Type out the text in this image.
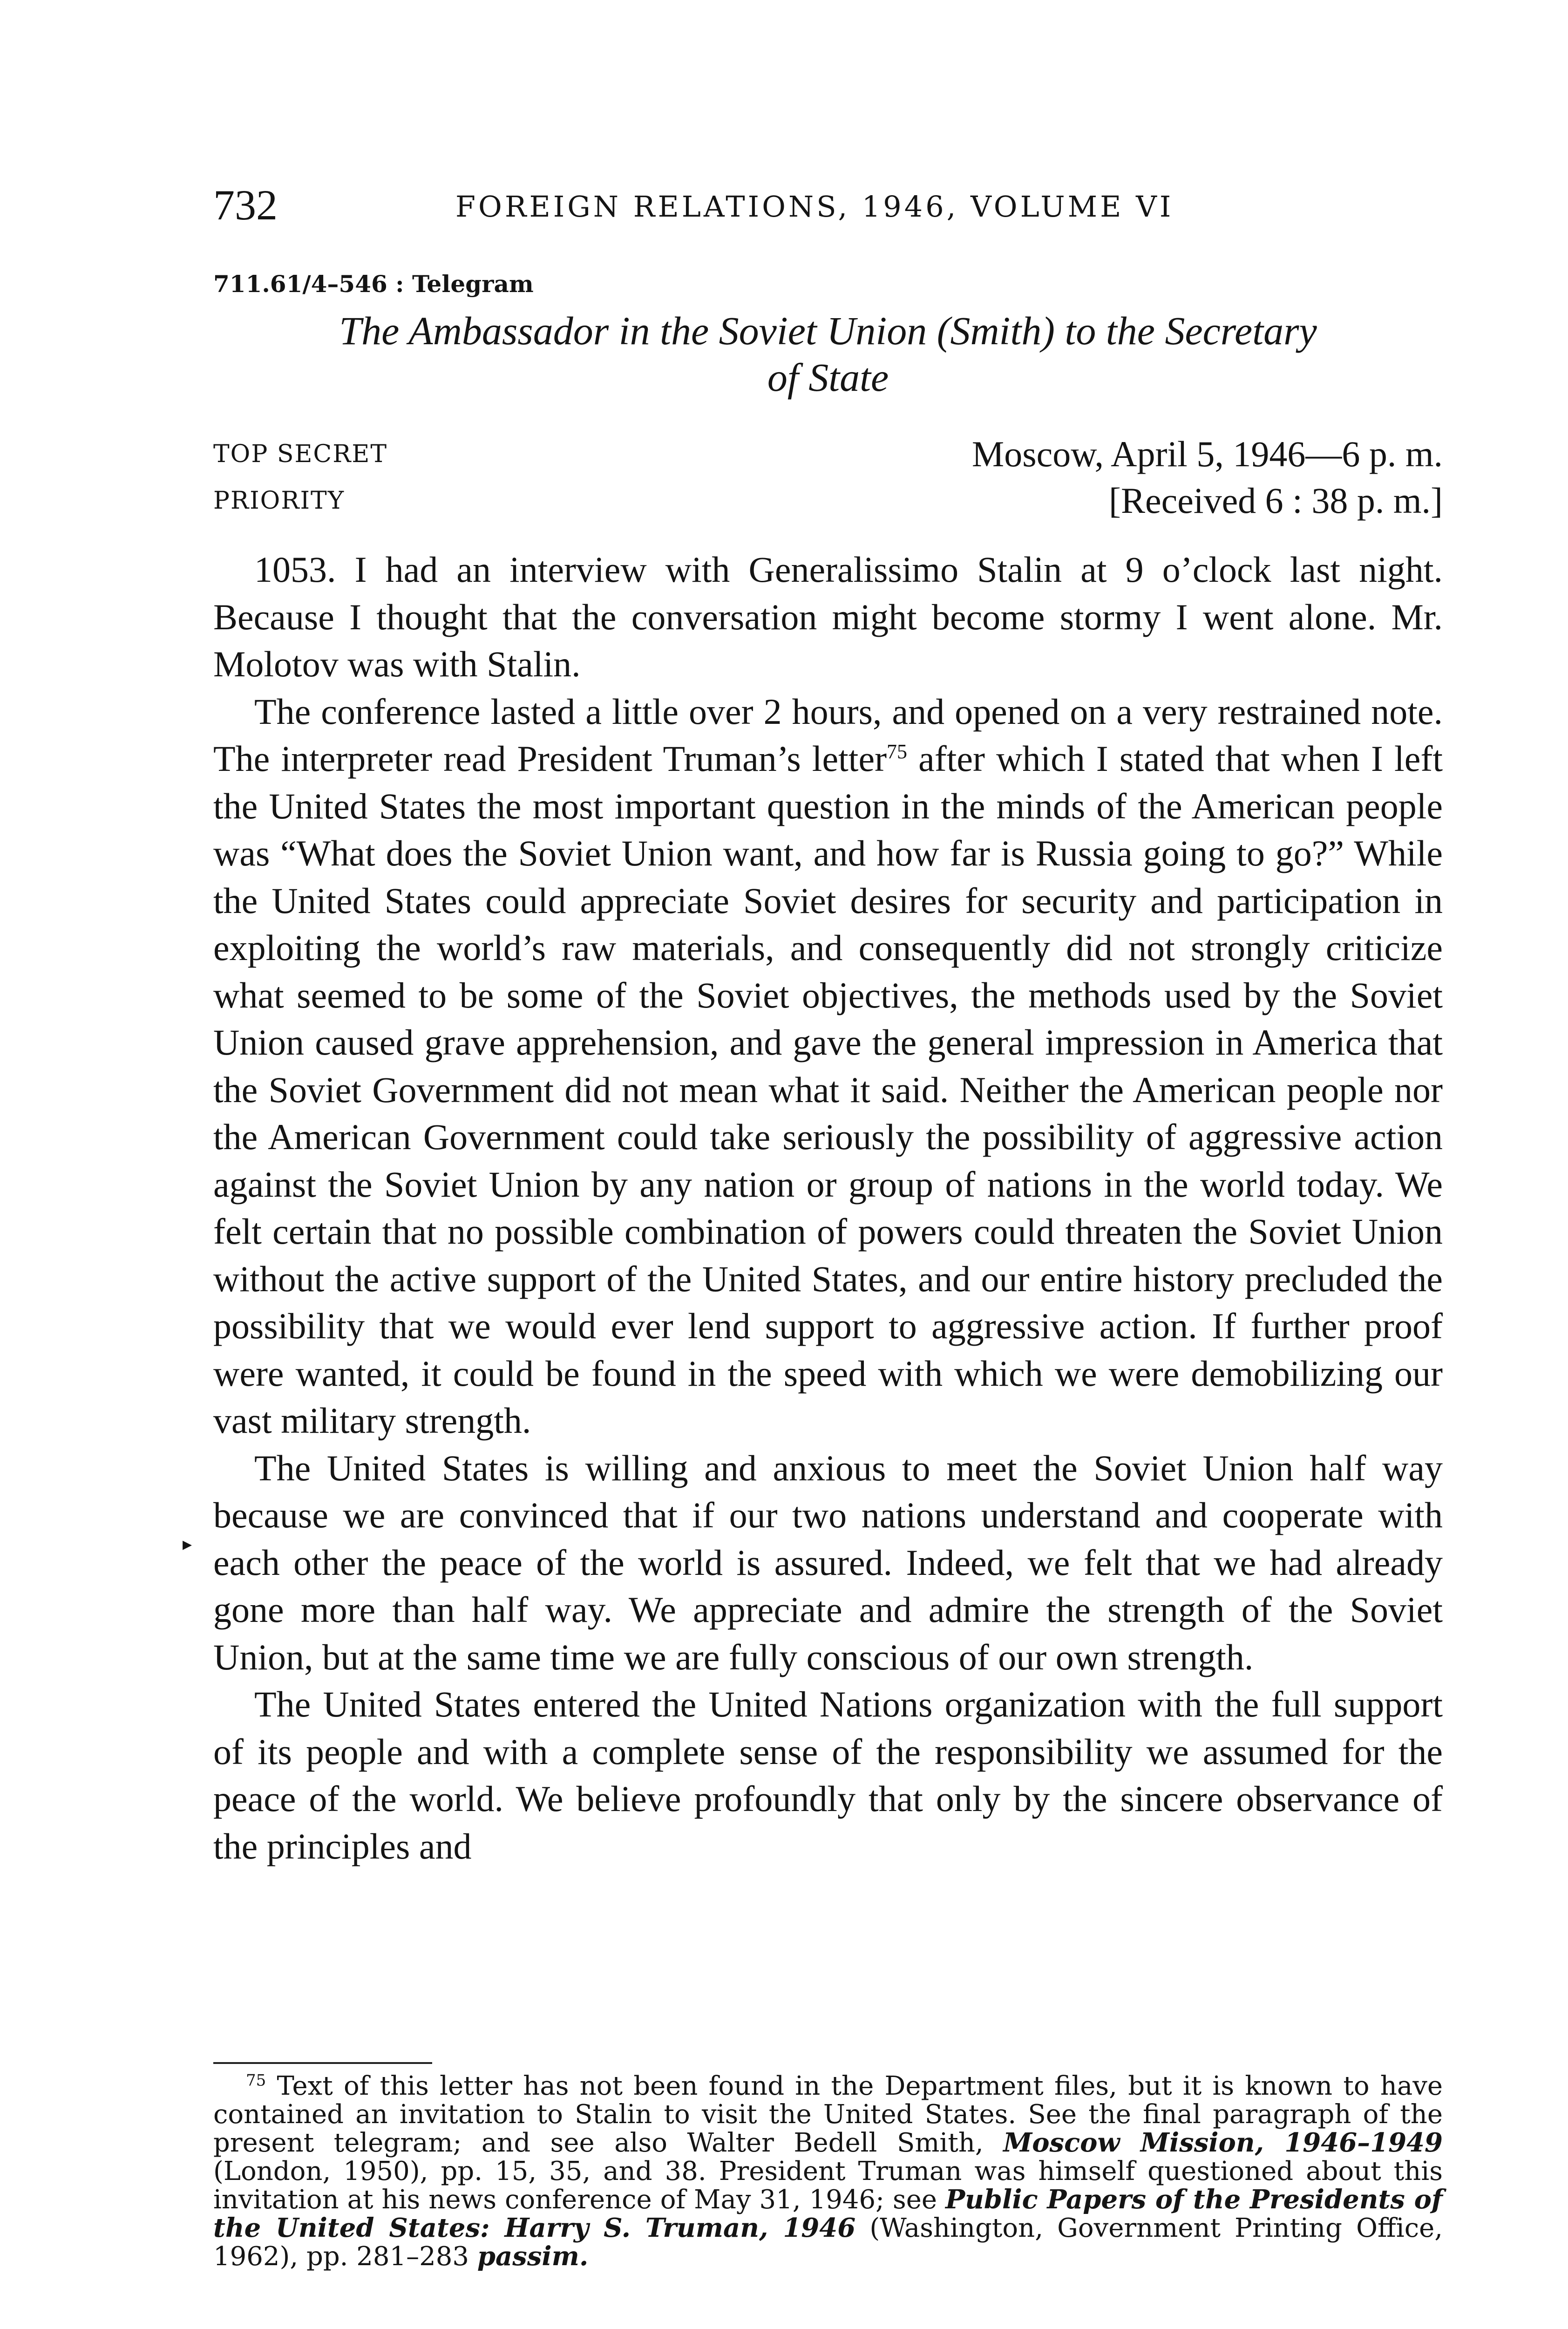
732	FOREIGN RELATIONS, 1946, VOLUME VI
711.61/4–546 : Telegram
The Ambassador in the Soviet Union (Smith) to the Secretary
of State
TOP SECRET
PRIORITY
Moscow, April 5, 1946—6 p. m.
[Received 6 : 38 p. m.]

1053. I had an interview with Generalissimo Stalin at 9 o’clock last night. Because I thought that the conversation might become stormy I went alone. Mr. Molotov was with Stalin.

The conference lasted a little over 2 hours, and opened on a very restrained note. The interpreter read President Truman’s letter$^{75}$ after which I stated that when I left the United States the most important question in the minds of the American people was “What does the Soviet Union want, and how far is Russia going to go?” While the United States could appreciate Soviet desires for security and participation in exploiting the world’s raw materials, and consequently did not strongly criticize what seemed to be some of the Soviet objectives, the methods used by the Soviet Union caused grave apprehension, and gave the general impression in America that the Soviet Government did not mean what it said. Neither the American people nor the American Government could take seriously the possibility of aggressive action against the Soviet Union by any nation or group of nations in the world today. We felt certain that no possible combination of powers could threaten the Soviet Union without the active support of the United States, and our entire history precluded the possibility that we would ever lend support to aggressive action. If further proof were wanted, it could be found in the speed with which we were demobilizing our vast military strength.

The United States is willing and anxious to meet the Soviet Union half way because we are convinced that if our two nations understand and cooperate with each other the peace of the world is assured. Indeed, we felt that we had already gone more than half way. We appreciate and admire the strength of the Soviet Union, but at the same time we are fully conscious of our own strength.

The United States entered the United Nations organization with the full support of its people and with a complete sense of the responsibility we assumed for the peace of the world. We believe profoundly that only by the sincere observance of the principles and

▸

$^{75}$ Text of this letter has not been found in the Department files, but it is known to have contained an invitation to Stalin to visit the United States. See the final paragraph of the present telegram; and see also Walter Bedell Smith, Moscow Mission, 1946–1949 (London, 1950), pp. 15, 35, and 38. President Truman was himself questioned about this invitation at his news conference of May 31, 1946; see Public Papers of the Presidents of the United States: Harry S. Truman, 1946 (Washington, Government Printing Office, 1962), pp. 281–283 passim.
